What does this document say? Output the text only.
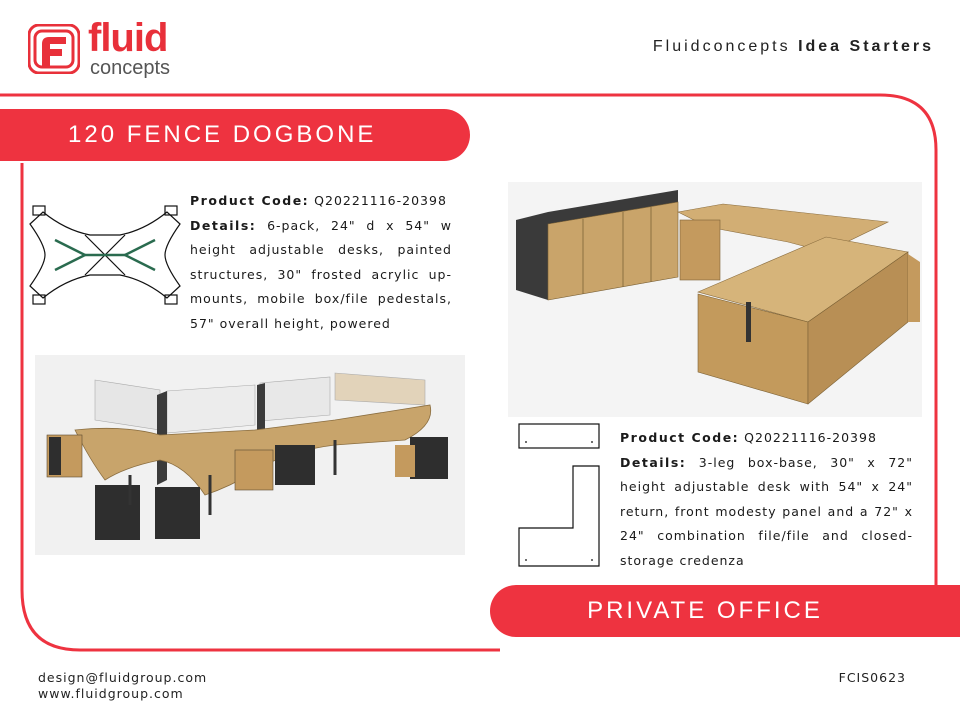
fluid
concepts
Fluidconcepts Idea Starters
120 FENCE DOGBONE
Product Code: Q20221116-20398
Details: 6-pack, 24" d x 54" w height adjustable desks, painted structures, 30" frosted acrylic up-mounts, mobile box/file pedestals, 57" overall height, powered
Product Code: Q20221116-20398
Details: 3-leg box-base, 30" x 72" height adjustable desk with 54" x 24" return, front modesty panel and a 72" x 24" combination file/file and closed-storage credenza
PRIVATE OFFICE
design@fluidgroup.com
www.fluidgroup.com
FCIS0623
